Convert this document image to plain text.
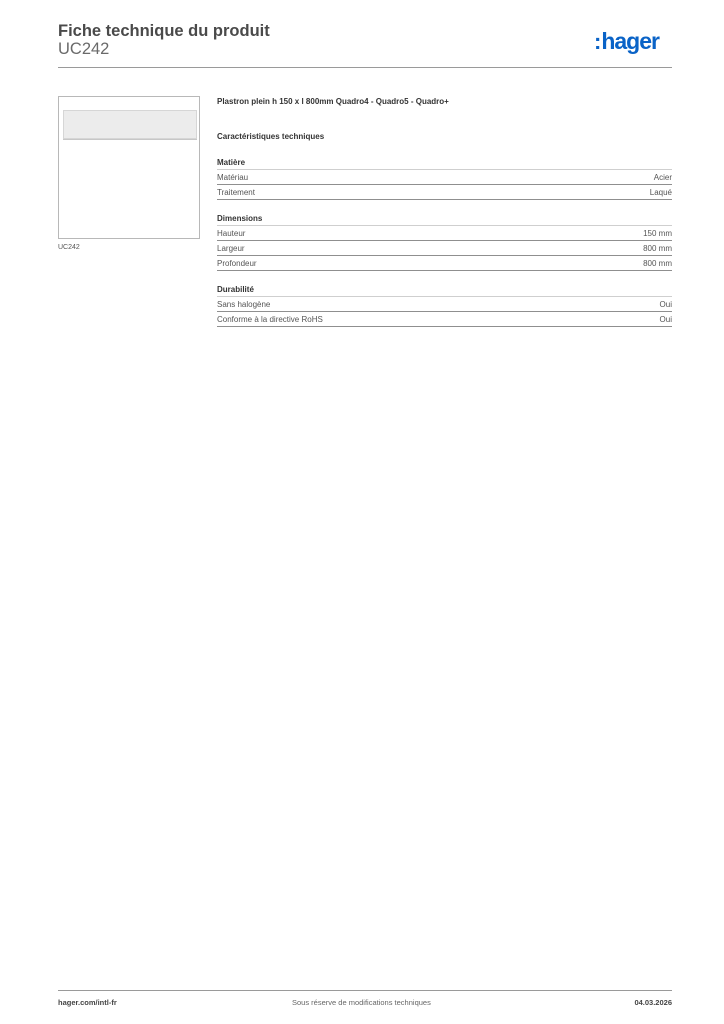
Fiche technique du produit
UC242	:hager
UC242
Plastron plein h 150 x l 800mm Quadro4 - Quadro5 - Quadro+
Caractéristiques techniques
Matière
Matériau	Acier
Traitement	Laqué
Dimensions
Hauteur	150 mm
Largeur	800 mm
Profondeur	800 mm
Durabilité
Sans halogène	Oui
Conforme à la directive RoHS	Oui
hager.com/intl-fr	Sous réserve de modifications techniques	04.03.2026
